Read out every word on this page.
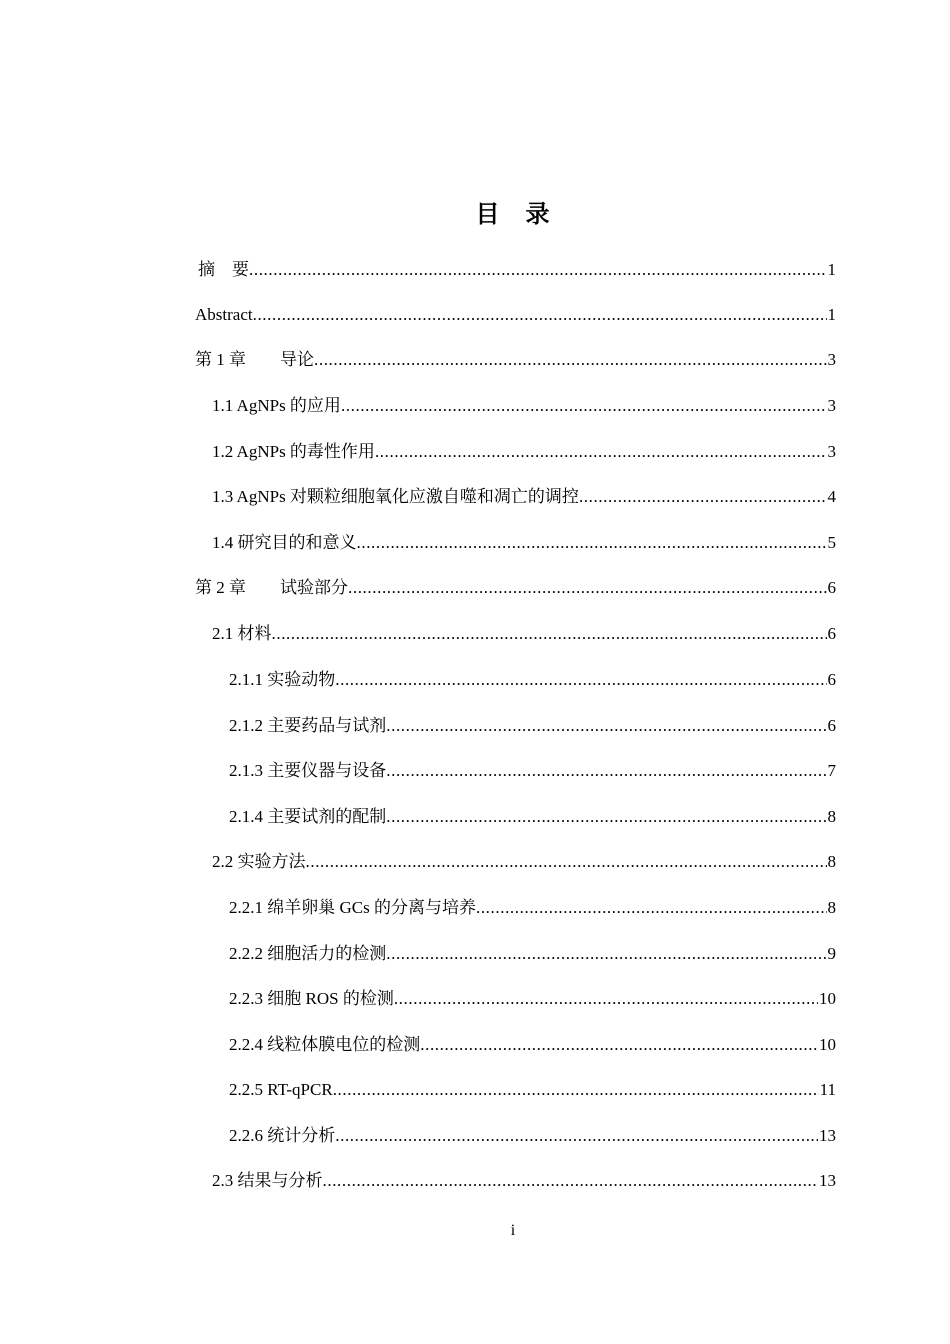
目　录
摘　要 .....	1
Abstract .....	1
第 1 章　　导论 .....	3
1.1 AgNPs 的应用 .....	3
1.2 AgNPs 的毒性作用 .....	3
1.3 AgNPs 对颗粒细胞氧化应激自噬和凋亡的调控 .....	4
1.4 研究目的和意义 .....	5
第 2 章　　试验部分 .....	6
2.1 材料 .....	6
2.1.1 实验动物 .....	6
2.1.2 主要药品与试剂 .....	6
2.1.3 主要仪器与设备 .....	7
2.1.4 主要试剂的配制 .....	8
2.2 实验方法 .....	8
2.2.1 绵羊卵巢 GCs 的分离与培养 .....	8
2.2.2 细胞活力的检测 .....	9
2.2.3 细胞 ROS 的检测 .....	10
2.2.4 线粒体膜电位的检测 .....	10
2.2.5 RT-qPCR .....	11
2.2.6 统计分析 .....	13
2.3 结果与分析 .....	13
i
